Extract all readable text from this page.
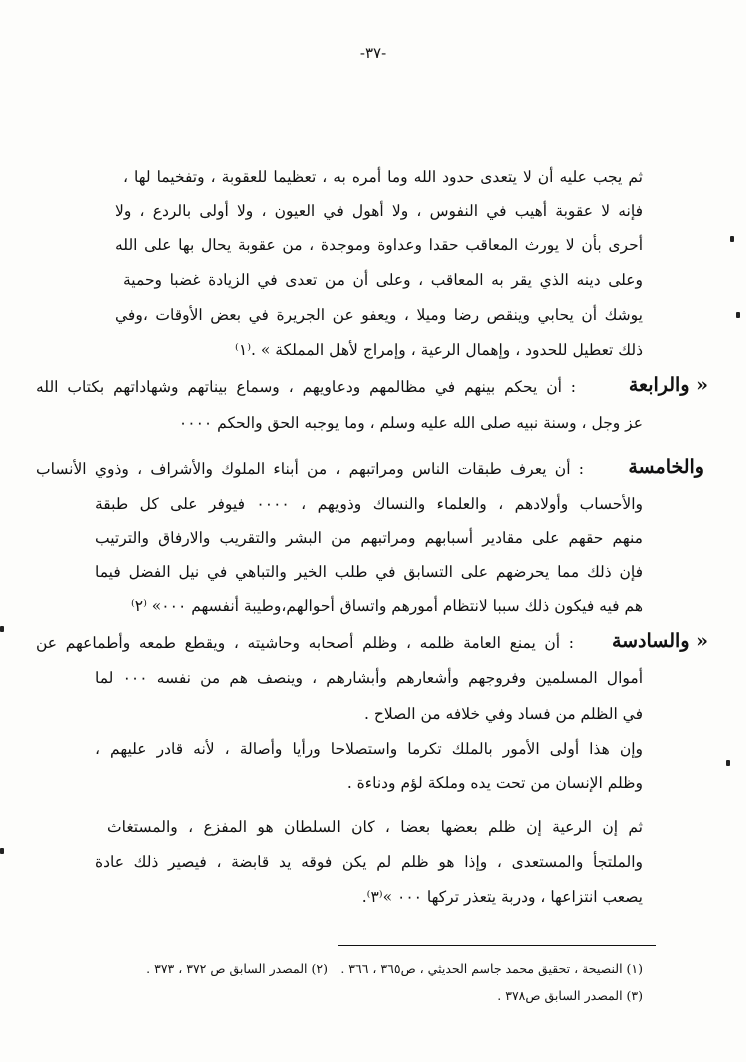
-٣٧-
ثم يجب عليه أن لا يتعدى حدود الله وما أمره به ، تعظيما للعقوبة ، وتفخيما لها ،
فإنه لا عقوبة أهيب في النفوس ، ولا أهول في العيون ، ولا أولى بالردع ، ولا
أحرى بأن لا يورث المعاقب حقدا وعداوة وموجدة ، من عقوبة يحال بها على الله
وعلى دينه الذي يقر به المعاقب ، وعلى أن من تعدى في الزيادة غضبا وحمية
يوشك أن يحابي وينقص رضا وميلا ، ويعفو عن الجريرة في بعض الأوقات ،وفي
ذلك تعطيل للحدود ، وإهمال الرعية ، وإمراج لأهل المملكة » .⁽١⁾
« والرابعة
: أن يحكم بينهم في مظالمهم ودعاويهم ، وسماع بيناتهم وشهاداتهم بكتاب الله
عز وجل ، وسنة نبيه صلى الله عليه وسلم ، وما يوجبه الحق والحكم ٠٠٠٠
والخامسة
: أن يعرف طبقات الناس ومراتبهم ، من أبناء الملوك والأشراف ، وذوي الأنساب
والأحساب وأولادهم ، والعلماء والنساك وذويهم ، ٠٠٠٠ فيوفر على كل طبقة
منهم حقهم على مقادير أسبابهم ومراتبهم من البشر والتقريب والارفاق والترتيب
فإن ذلك مما يحرضهم على التسابق في طلب الخير والتباهي في نيل الفضل فيما
هم فيه فيكون ذلك سببا لانتظام أمورهم واتساق أحوالهم،وطيبة أنفسهم ٠٠٠» ⁽٢⁾
« والسادسة
: أن يمنع العامة ظلمه ، وظلم أصحابه وحاشيته ، ويقطع طمعه وأطماعهم عن
أموال المسلمين وفروجهم وأشعارهم وأبشارهم ، وينصف هم من نفسه ٠٠٠ لما
في الظلم من فساد وفي خلافه من الصلاح .
وإن هذا أولى الأمور بالملك تكرما واستصلاحا ورأيا وأصالة ، لأنه قادر عليهم ،
وظلم الإنسان من تحت يده وملكة لؤم ودناءة .
ثم إن الرعية إن ظلم بعضها بعضا ، كان السلطان هو المفزع ، والمستغاث
والملتجأ والمستعدى ، وإذا هو ظلم لم يكن فوقه يد قابضة ، فيصير ذلك عادة
يصعب انتزاعها ، ودربة يتعذر تركها ٠٠٠ »⁽٣⁾.
(١) النصيحة ، تحقيق محمد جاسم الحديثي ، ص٣٦٥ ، ٣٦٦ .
(٢) المصدر السابق ص ٣٧٢ ، ٣٧٣ .
(٣) المصدر السابق ص٣٧٨ .
